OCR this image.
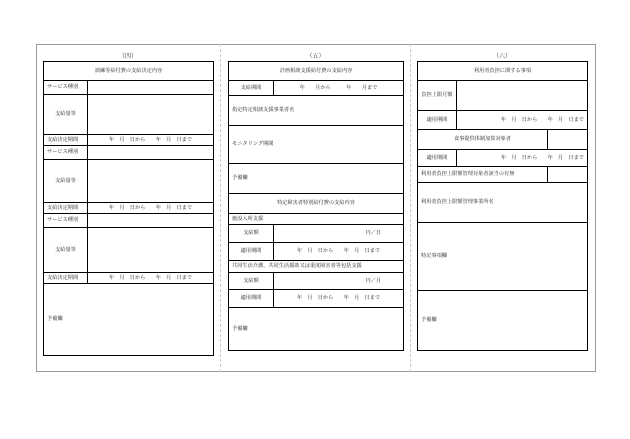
（四）
訓練等給付費の支給決定内容	
サービス種別	
支給量等	
支給決定期間	年　月　日から　　年　月　日まで
サービス種別	
支給量等	
支給決定期間	年　月　日から　　年　月　日まで
サービス種別	
支給量等	
支給決定期間	年　月　日から　　年　月　日まで
予備欄	
（五）
計画相談支援給付費の支給内容	
支給期間	年　　月から　　　年　　月まで
指定特定相談支援事業者名	
モニタリング期間	
予備欄	
特定障害者特別給付費の支給内容	
施設入所支援	
支給額	円／日
適用期間	年　月　日から　　年　月　日まで
共同生活介護、共同生活援助又は重度障害者等包括支援	
支給額	円／月
適用期間	年　月　日から　　年　月　日まで
予備欄	
（六）
利用者負担に関する事項		
負担上限月額		
適用期間	年　月　日から　　年　月　日まで	
食事提供体制加算対象者		
適用期間	年　月　日から　　年　月　日まで	
利用者負担上限額管理対象者該当の有無		
利用者負担上限額管理事業所名		
特記事項欄		
予備欄		
